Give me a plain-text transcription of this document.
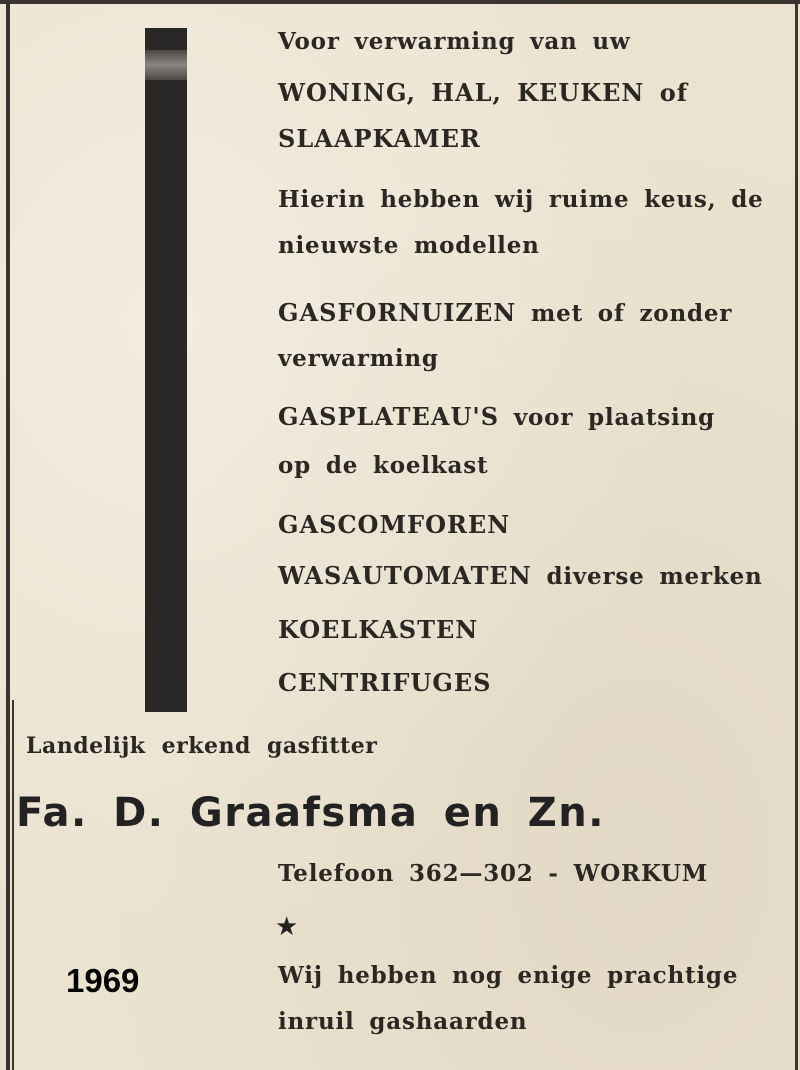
Voor verwarming van uw
WONING, HAL, KEUKEN of
SLAAPKAMER
Hierin hebben wij ruime keus, de
nieuwste modellen
GASFORNUIZEN met of zonder
verwarming
GASPLATEAU'S voor plaatsing
op de koelkast
GASCOMFOREN
WASAUTOMATEN diverse merken
KOELKASTEN
CENTRIFUGES
Landelijk erkend gasfitter
Fa. D. Graafsma en Zn.
Telefoon 362—302 - WORKUM
★
1969	Wij hebben nog enige prachtige
inruil gashaarden
